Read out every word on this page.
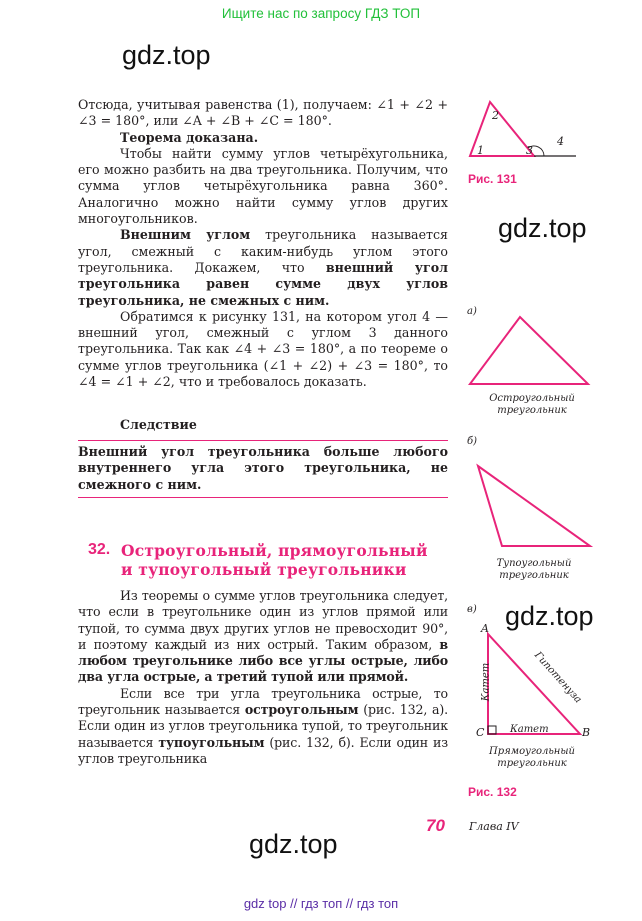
Ищите нас по запросу ГДЗ ТОП
gdz.top
gdz.top
gdz.top
gdz.top

Отсюда, учитывая равенства (1), получаем: ∠1 + ∠2 + ∠3 = 180°, или ∠A + ∠B + ∠C = 180°.

Теорема доказана.

Чтобы найти сумму углов четырёхугольника, его можно разбить на два треугольника. Получим, что сумма углов четырёхугольника равна 360°. Аналогично можно найти сумму углов других многоугольников.

Внешним углом треугольника называется угол, смежный с каким-нибудь углом этого треугольника. Докажем, что внешний угол треугольника равен сумме двух углов треугольника, не смежных с ним.

Обратимся к рисунку 131, на котором угол 4 — внешний угол, смежный с углом 3 данного треугольника. Так как ∠4 + ∠3 = 180°, а по теореме о сумме углов треугольника (∠1 + ∠2) + ∠3 = 180°, то ∠4 = ∠1 + ∠2, что и требовалось доказать.

Следствие
Внешний угол треугольника больше любого внутреннего угла этого треугольника, не смежного с ним.
32. Остроугольный, прямоугольный
и тупоугольный треугольники

Из теоремы о сумме углов треугольника следует, что если в треугольнике один из углов прямой или тупой, то сумма двух других углов не превосходит 90°, и поэтому каждый из них острый. Таким образом, в любом треугольнике либо все углы острые, либо два угла острые, а третий тупой или прямой.

Если все три угла треугольника острые, то треугольник называется остроугольным (рис. 132, а). Если один из углов треугольника тупой, то треугольник называется тупоугольным (рис. 132, б). Если один из углов треугольника

1
2
3
4
Рис. 131
а)
Остроугольный треугольник
б)
Тупоугольный треугольник
в)
A
C	B
Катет
Катет
Гипотенуза
Прямоугольный треугольник
Рис. 132
70 Глава IV
gdz top // гдз топ // гдз топ
